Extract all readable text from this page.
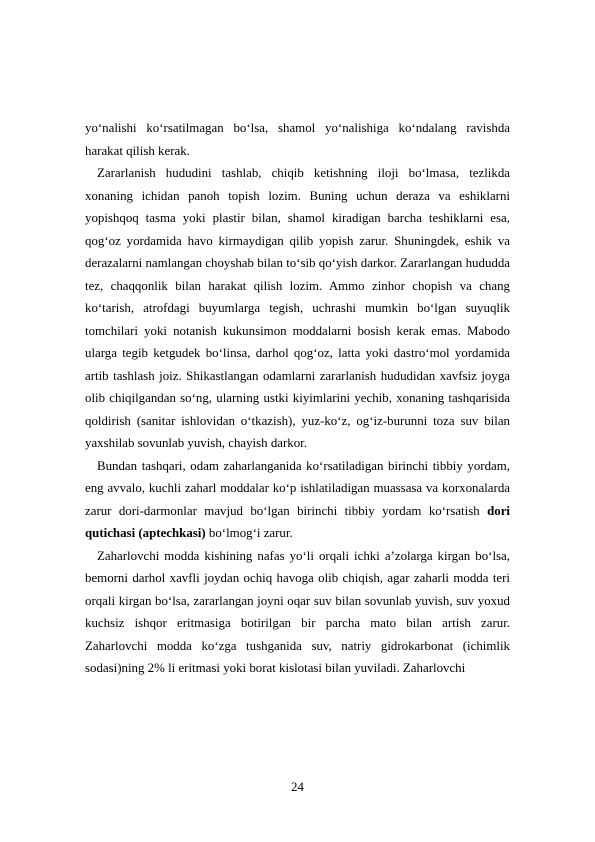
yo‘nalishi ko‘rsatilmagan bo‘lsa, shamol yo‘nalishiga ko‘ndalang ravishda harakat qilish kerak.

Zararlanish hududini tashlab, chiqib ketishning iloji bo‘lmasa, tezlikda xonaning ichidan panoh topish lozim. Buning uchun deraza va eshiklarni yopishqoq tasma yoki plastir bilan, shamol kiradigan barcha teshiklarni esa, qog‘oz yordamida havo kirmaydigan qilib yopish zarur. Shuningdek, eshik va derazalarni namlangan choyshab bilan to‘sib qo‘yish darkor. Zararlangan hududda tez, chaqqonlik bilan harakat qilish lozim. Ammo zinhor chopish va chang ko‘tarish, atrofdagi buyumlarga tegish, uchrashi mumkin bo‘lgan suyuqlik tomchilari yoki notanish kukunsimon moddalarni bosish kerak emas. Mabodo ularga tegib ketgudek bo‘linsa, darhol qog‘oz, latta yoki dastro‘mol yordamida artib tashlash joiz. Shikastlangan odamlarni zararlanish hududidan xavfsiz joyga olib chiqilgandan so‘ng, ularning ustki kiyimlarini yechib, xonaning tashqarisida qoldirish (sanitar ishlovidan o‘tkazish), yuz-ko‘z, og‘iz-burunni toza suv bilan yaxshilab sovunlab yuvish, chayish darkor.

Bundan tashqari, odam zaharlanganida ko‘rsatiladigan birinchi tibbiy yordam, eng avvalo, kuchli zaharl moddalar ko‘p ishlatiladigan muassasa va korxonalarda zarur dori-darmonlar mavjud bo‘lgan birinchi tibbiy yordam ko‘rsatish dori qutichasi (aptechkasi) bo‘lmog‘i zarur.

Zaharlovchi modda kishining nafas yo‘li orqali ichki a’zolarga kirgan bo‘lsa, bemorni darhol xavfli joydan ochiq havoga olib chiqish, agar zaharli modda teri orqali kirgan bo‘lsa, zararlangan joyni oqar suv bilan sovunlab yuvish, suv yoxud kuchsiz ishqor eritmasiga botirilgan bir parcha mato bilan artish zarur. Zaharlovchi modda ko‘zga tushganida suv, natriy gidrokarbonat (ichimlik sodasi)ning 2% li eritmasi yoki borat kislotasi bilan yuviladi. Zaharlovchi

24
